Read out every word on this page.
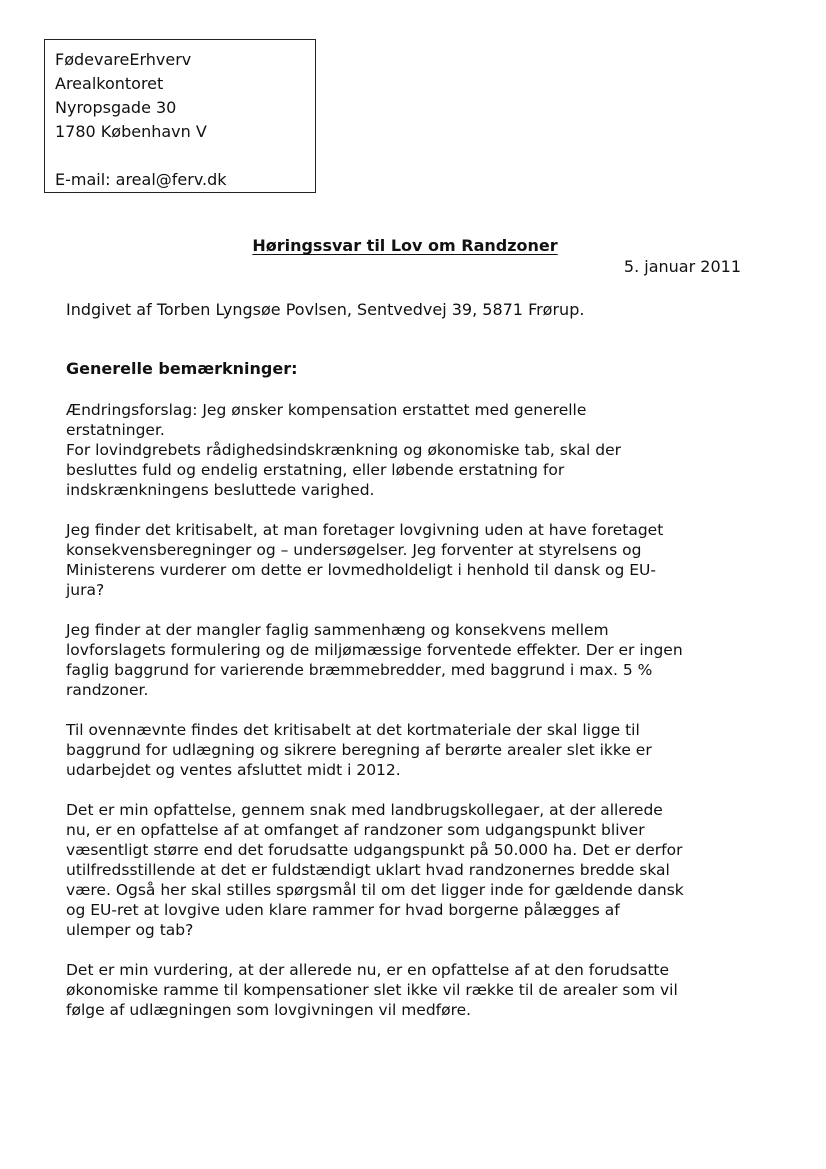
FødevareErhverv
Arealkontoret
Nyropsgade 30
1780 København V
E-mail: areal@ferv.dk
Høringssvar til Lov om Randzoner
5. januar 2011
Indgivet af Torben Lyngsøe Povlsen, Sentvedvej 39, 5871 Frørup.
Generelle bemærkninger:

Ændringsforslag: Jeg ønsker kompensation erstattet med generelle
erstatninger.
For lovindgrebets rådighedsindskrænkning og økonomiske tab, skal der
besluttes fuld og endelig erstatning, eller løbende erstatning for
indskrænkningens besluttede varighed.

Jeg finder det kritisabelt, at man foretager lovgivning uden at have foretaget
konsekvensberegninger og – undersøgelser. Jeg forventer at styrelsens og
Ministerens vurderer om dette er lovmedholdeligt i henhold til dansk og EU-
jura?

Jeg finder at der mangler faglig sammenhæng og konsekvens mellem
lovforslagets formulering og de miljømæssige forventede effekter. Der er ingen
faglig baggrund for varierende bræmmebredder, med baggrund i max. 5 %
randzoner.

Til ovennævnte findes det kritisabelt at det kortmateriale der skal ligge til
baggrund for udlægning og sikrere beregning af berørte arealer slet ikke er
udarbejdet og ventes afsluttet midt i 2012.

Det er min opfattelse, gennem snak med landbrugskollegaer, at der allerede
nu, er en opfattelse af at omfanget af randzoner som udgangspunkt bliver
væsentligt større end det forudsatte udgangspunkt på 50.000 ha. Det er derfor
utilfredsstillende at det er fuldstændigt uklart hvad randzonernes bredde skal
være. Også her skal stilles spørgsmål til om det ligger inde for gældende dansk
og EU-ret at lovgive uden klare rammer for hvad borgerne pålægges af
ulemper og tab?

Det er min vurdering, at der allerede nu, er en opfattelse af at den forudsatte
økonomiske ramme til kompensationer slet ikke vil række til de arealer som vil
følge af udlægningen som lovgivningen vil medføre.
